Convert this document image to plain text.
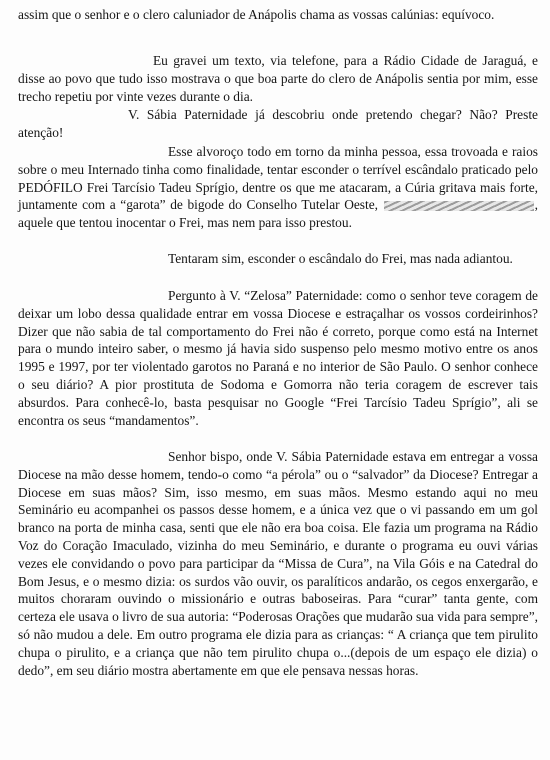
assim que o senhor e o clero caluniador de Anápolis chama as vossas calúnias: equívoco.

Eu gravei um texto, via telefone, para a Rádio Cidade de Jaraguá, e disse ao povo que tudo isso mostrava o que boa parte do clero de Anápolis sentia por mim, esse trecho repetiu por vinte vezes durante o dia.

V. Sábia Paternidade já descobriu onde pretendo chegar? Não? Preste atenção!

Esse alvoroço todo em torno da minha pessoa, essa trovoada e raios sobre o meu Internado tinha como finalidade, tentar esconder o terrível escândalo praticado pelo PEDÓFILO Frei Tarcísio Tadeu Sprígio, dentre os que me atacaram, a Cúria gritava mais forte, juntamente com a “garota” de bigode do Conselho Tutelar Oeste,	, aquele que tentou inocentar o Frei, mas nem para isso prestou.

Tentaram sim, esconder o escândalo do Frei, mas nada adiantou.

Pergunto à V. “Zelosa” Paternidade: como o senhor teve coragem de deixar um lobo dessa qualidade entrar em vossa Diocese e estraçalhar os vossos cordeirinhos? Dizer que não sabia de tal comportamento do Frei não é correto, porque como está na Internet para o mundo inteiro saber, o mesmo já havia sido suspenso pelo mesmo motivo entre os anos 1995 e 1997, por ter violentado garotos no Paraná e no interior de São Paulo. O senhor conhece o seu diário? A pior prostituta de Sodoma e Gomorra não teria coragem de escrever tais absurdos. Para conhecê-lo, basta pesquisar no Google “Frei Tarcísio Tadeu Sprígio”, ali se encontra os seus “mandamentos”.

Senhor bispo, onde V. Sábia Paternidade estava em entregar a vossa Diocese na mão desse homem, tendo-o como “a pérola” ou o “salvador” da Diocese? Entregar a Diocese em suas mãos? Sim, isso mesmo, em suas mãos. Mesmo estando aqui no meu Seminário eu acompanhei os passos desse homem, e a única vez que o vi passando em um gol branco na porta de minha casa, senti que ele não era boa coisa. Ele fazia um programa na Rádio Voz do Coração Imaculado, vizinha do meu Seminário, e durante o programa eu ouvi várias vezes ele convidando o povo para participar da “Missa de Cura”, na Vila Góis e na Catedral do Bom Jesus, e o mesmo dizia: os surdos vão ouvir, os paralíticos andarão, os cegos enxergarão, e muitos choraram ouvindo o missionário e outras baboseiras. Para “curar” tanta gente, com certeza ele usava o livro de sua autoria: “Poderosas Orações que mudarão sua vida para sempre”, só não mudou a dele. Em outro programa ele dizia para as crianças: “ A criança que tem pirulito chupa o pirulito, e a criança que não tem pirulito chupa o...(depois de um espaço ele dizia) o dedo”, em seu diário mostra abertamente em que ele pensava nessas horas.
